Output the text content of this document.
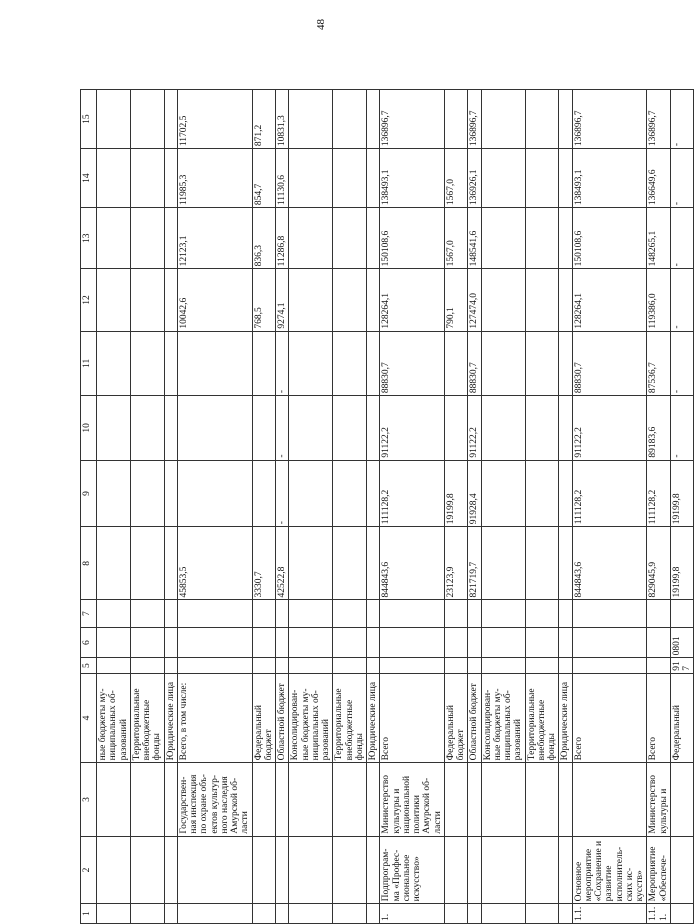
48
1	2	3	4	5	6	7	8	9	10	11	12	13	14	15
			ные бюджеты му-ниципальных об-разований											
			Территориальные внебюджетные фонды											
			Юридические лица											
		Государствен-ная инспекция по охране объ-ектов культур-ного наследия Амурской об-ласти	Всего, в том числе:				45853,5				10042,6	12123,1	11985,3	11702,5
			Федеральный бюджет				3330,7				768,5	836,3	854,7	871,2
			Областной бюджет				42522,8	-	-	-	9274,1	11286,8	11130,6	10831,3
			Консолидирован-ные бюджеты му-ниципальных об-разований											
			Территориальные внебюджетные фонды											
			Юридические лица											
1.	Подпрограм-ма «Профес-сиональное искусство»	Министерство культуры и национальной политики Амурской об-ласти	Всего				844843,6	111128,2	91122,2	88830,7	128264,1	150108,6	138493,1	136896,7
			Федеральный бюджет				23123,9	19199,8			790,1	1567,0	1567,0	
			Областной бюджет				821719,7	91928,4	91122,2	88830,7	127474,0	148541,6	136926,1	136896,7
			Консолидирован-ные бюджеты му-ниципальных об-разований											
			Территориальные внебюджетные фонды											
			Юридические лица											
1.1.	Основное мероприятие «Сохранение и развитие исполнитель-ских ис-кусств»		Всего				844843,6	111128,2	91122,2	88830,7	128264,1	150108,6	138493,1	136896,7
1.1.1.	Мероприятие «Обеспече-	Министерство культуры и	Всего				829045,9	111128,2	89183,6	87536,7	119386,0	148265,1	136649,6	136896,7
			Федеральный	917	0801		19199,8	19199,8	-	-	-	-	-	-
